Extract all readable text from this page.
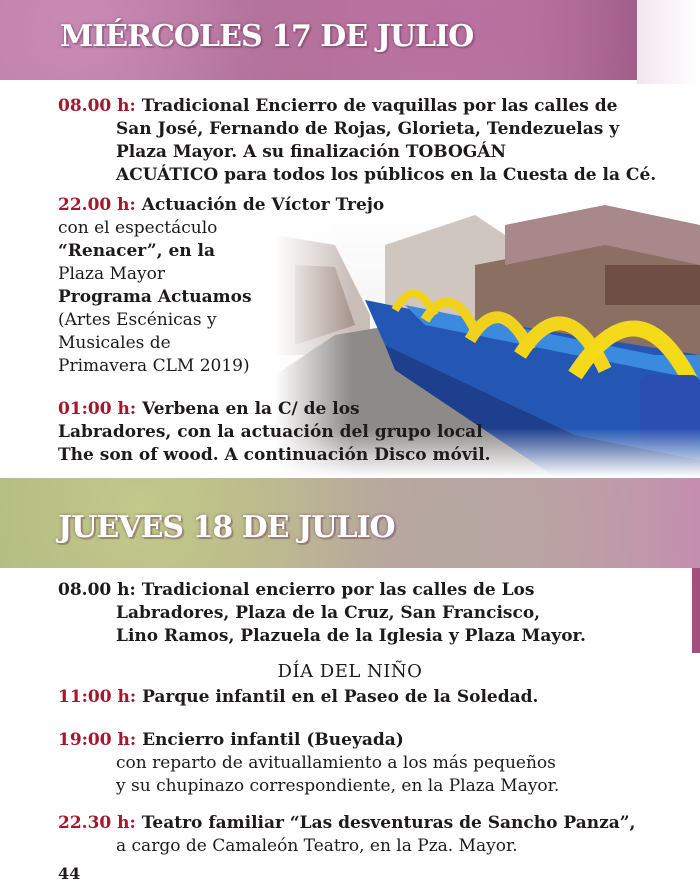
MIÉRCOLES 17 DE JULIO
08.00 h: Tradicional Encierro de vaquillas por las calles de
San José, Fernando de Rojas, Glorieta, Tendezuelas y
Plaza Mayor. A su finalización TOBOGÁN
ACUÁTICO para todos los públicos en la Cuesta de la Cé.
22.00 h: Actuación de Víctor Trejo
con el espectáculo
“Renacer”, en la
Plaza Mayor
Programa Actuamos
(Artes Escénicas y
Musicales de
Primavera CLM 2019)
01:00 h: Verbena en la C/ de los
Labradores, con la actuación del grupo local
The son of wood. A continuación Disco móvil.
JUEVES 18 DE JULIO
08.00 h: Tradicional encierro por las calles de Los
Labradores, Plaza de la Cruz, San Francisco,
Lino Ramos, Plazuela de la Iglesia y Plaza Mayor.
DÍA DEL NIÑO
11:00 h: Parque infantil en el Paseo de la Soledad.
19:00 h: Encierro infantil (Bueyada)
con reparto de avituallamiento a los más pequeños
y su chupinazo correspondiente, en la Plaza Mayor.
22.30 h: Teatro familiar “Las desventuras de Sancho Panza”,
a cargo de Camaleón Teatro, en la Pza. Mayor.
44
